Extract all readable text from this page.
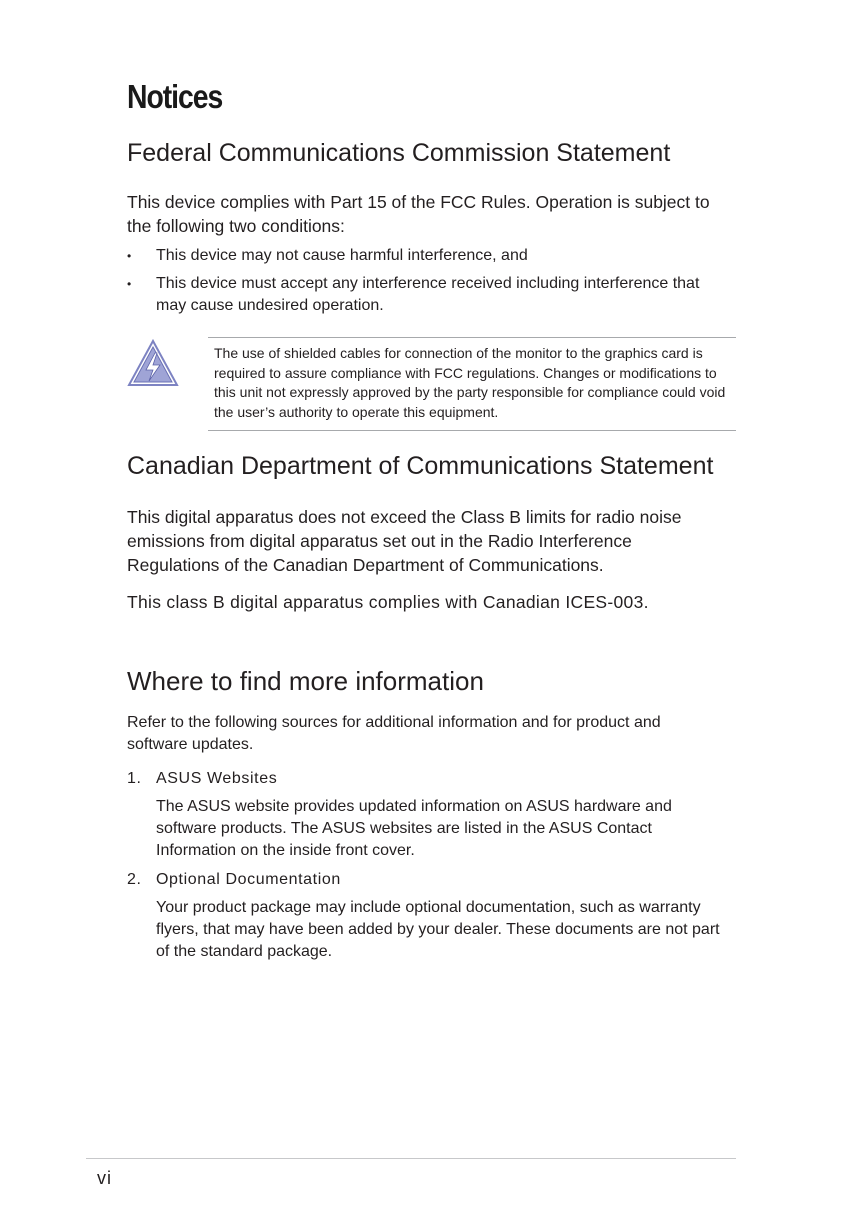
Notices
Federal Communications Commission Statement
This device complies with Part 15 of the FCC Rules. Operation is subject to the following two conditions:
• This device may not cause harmful interference, and
• This device must accept any interference received including interference that may cause undesired operation.
The use of shielded cables for connection of the monitor to the graphics card is required to assure compliance with FCC regulations. Changes or modifications to this unit not expressly approved by the party responsible for compliance could void the user’s authority to operate this equipment.
Canadian Department of Communications Statement
This digital apparatus does not exceed the Class B limits for radio noise emissions from digital apparatus set out in the Radio Interference Regulations of the Canadian Department of Communications.
This class B digital apparatus complies with Canadian ICES-003.
Where to find more information
Refer to the following sources for additional information and for product and software updates.
1. ASUS Websites
The ASUS website provides updated information on ASUS hardware and software products. The ASUS websites are listed in the ASUS Contact Information on the inside front cover.
2. Optional Documentation
Your product package may include optional documentation, such as warranty flyers, that may have been added by your dealer. These documents are not part of the standard package.
vi
